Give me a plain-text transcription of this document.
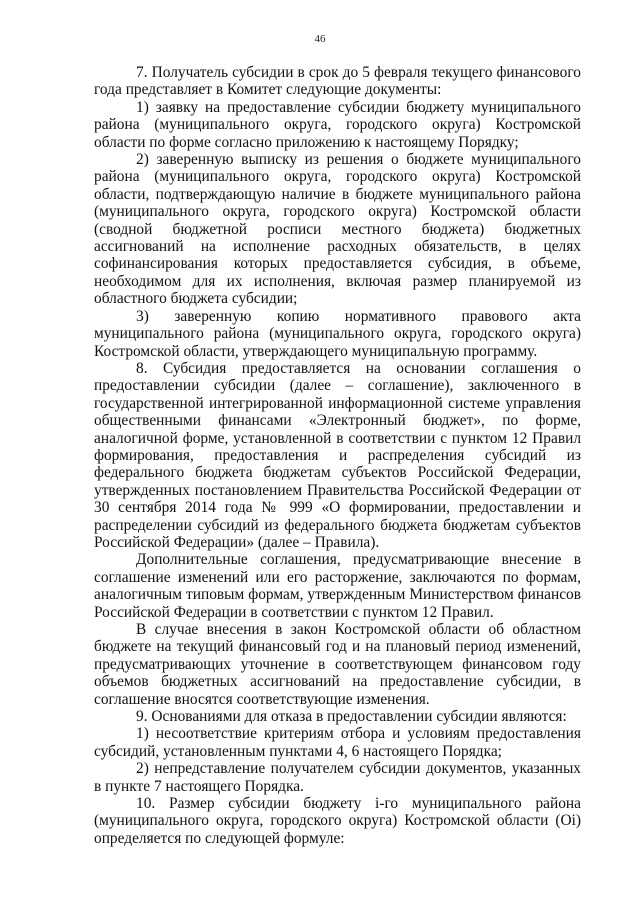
46

7. Получатель субсидии в срок до 5 февраля текущего финансового года представляет в Комитет следующие документы:

1) заявку на предоставление субсидии бюджету муниципального района (муниципального округа, городского округа) Костромской области по форме согласно приложению к настоящему Порядку;

2) заверенную выписку из решения о бюджете муниципального района (муниципального округа, городского округа) Костромской области, подтверждающую наличие в бюджете муниципального района (муниципального округа, городского округа) Костромской области (сводной бюджетной росписи местного бюджета) бюджетных ассигнований на исполнение расходных обязательств, в целях софинансирования которых предоставляется субсидия, в объеме, необходимом для их исполнения, включая размер планируемой из областного бюджета субсидии;

3) заверенную копию нормативного правового акта муниципального района (муниципального округа, городского округа) Костромской области, утверждающего муниципальную программу.

8. Субсидия предоставляется на основании соглашения о предоставлении субсидии (далее – соглашение), заключенного в государственной интегрированной информационной системе управления общественными финансами «Электронный бюджет», по форме, аналогичной форме, установленной в соответствии с пунктом 12 Правил формирования, предоставления и распределения субсидий из федерального бюджета бюджетам субъектов Российской Федерации, утвержденных постановлением Правительства Российской Федерации от 30 сентября 2014 года № 999 «О формировании, предоставлении и распределении субсидий из федерального бюджета бюджетам субъектов Российской Федерации» (далее – Правила).

Дополнительные соглашения, предусматривающие внесение в соглашение изменений или его расторжение, заключаются по формам, аналогичным типовым формам, утвержденным Министерством финансов Российской Федерации в соответствии с пунктом 12 Правил.

В случае внесения в закон Костромской области об областном бюджете на текущий финансовый год и на плановый период изменений, предусматривающих уточнение в соответствующем финансовом году объемов бюджетных ассигнований на предоставление субсидии, в соглашение вносятся соответствующие изменения.

9. Основаниями для отказа в предоставлении субсидии являются:

1) несоответствие критериям отбора и условиям предоставления субсидий, установленным пунктами 4, 6 настоящего Порядка;

2) непредставление получателем субсидии документов, указанных в пункте 7 настоящего Порядка.

10. Размер субсидии бюджету i-го муниципального района (муниципального округа, городского округа) Костромской области (Оi) определяется по следующей формуле:
